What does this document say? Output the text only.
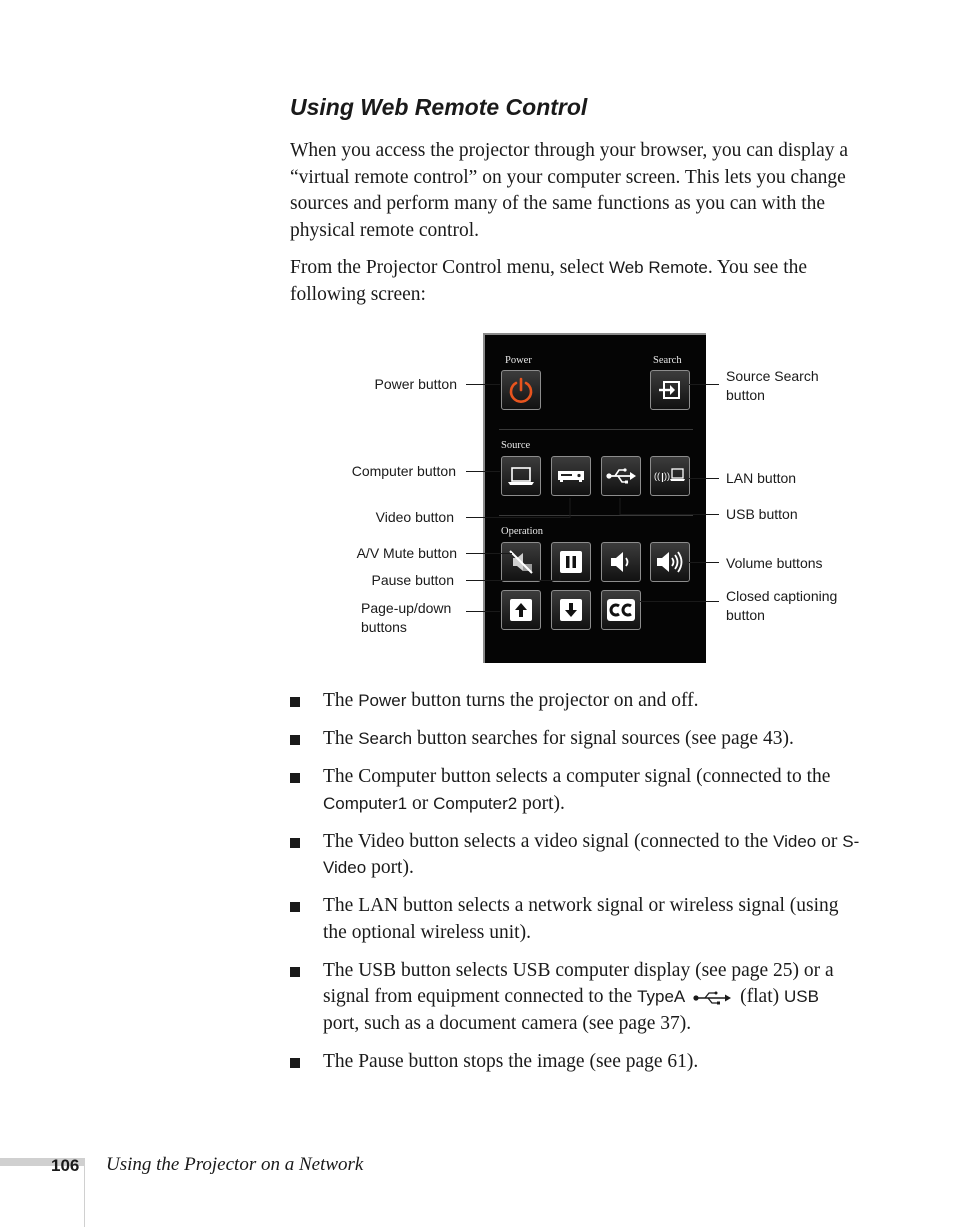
Using Web Remote Control

When you access the projector through your browser, you can display a “virtual remote control” on your computer screen. This lets you change sources and perform many of the same functions as you can with the physical remote control.

From the Projector Control menu, select Web Remote. You see the following screen:

Power	Search

Source

(( ))

Operation

Power button

Computer button

Video button

A/V Mute button

Pause button

Page-up/down
buttons

Source Search
button

LAN button

USB button

Volume buttons

Closed captioning
button

The Power button turns the projector on and off.
The Search button searches for signal sources (see page 43).
The Computer button selects a computer signal (connected to the Computer1 or Computer2 port).
The Video button selects a video signal (connected to the Video or S-Video port).
The LAN button selects a network signal or wireless signal (using the optional wireless unit).
The USB button selects USB computer display (see page 25) or a signal from equipment connected to the TypeA	(flat) USB port, such as a document camera (see page 37).
The Pause button stops the image (see page 61).

106 Using the Projector on a Network
